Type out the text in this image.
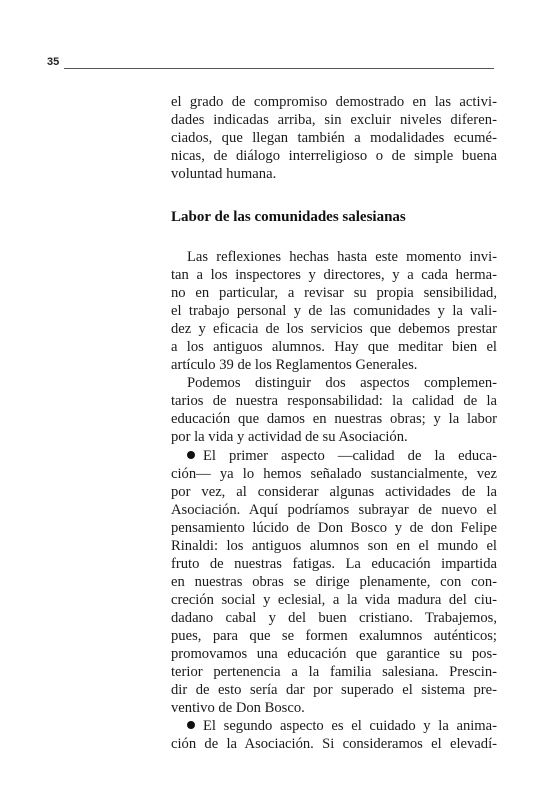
35
el grado de compromiso demostrado en las activi-
dades indicadas arriba, sin excluir niveles diferen-
ciados, que llegan también a modalidades ecumé-
nicas, de diálogo interreligioso o de simple buena
voluntad humana.
Labor de las comunidades salesianas
Las reflexiones hechas hasta este momento invi-
tan a los inspectores y directores, y a cada herma-
no en particular, a revisar su propia sensibilidad,
el trabajo personal y de las comunidades y la vali-
dez y eficacia de los servicios que debemos prestar
a los antiguos alumnos. Hay que meditar bien el
artículo 39 de los Reglamentos Generales.
Podemos distinguir dos aspectos complemen-
tarios de nuestra responsabilidad: la calidad de la
educación que damos en nuestras obras; y la labor
por la vida y actividad de su Asociación.
El primer aspecto —calidad de la educa-
ción— ya lo hemos señalado sustancialmente, vez
por vez, al considerar algunas actividades de la
Asociación. Aquí podríamos subrayar de nuevo el
pensamiento lúcido de Don Bosco y de don Felipe
Rinaldi: los antiguos alumnos son en el mundo el
fruto de nuestras fatigas. La educación impartida
en nuestras obras se dirige plenamente, con con-
creción social y eclesial, a la vida madura del ciu-
dadano cabal y del buen cristiano. Trabajemos,
pues, para que se formen exalumnos auténticos;
promovamos una educación que garantice su pos-
terior pertenencia a la familia salesiana. Prescin-
dir de esto sería dar por superado el sistema pre-
ventivo de Don Bosco.
El segundo aspecto es el cuidado y la anima-
ción de la Asociación. Si consideramos el elevadí-
